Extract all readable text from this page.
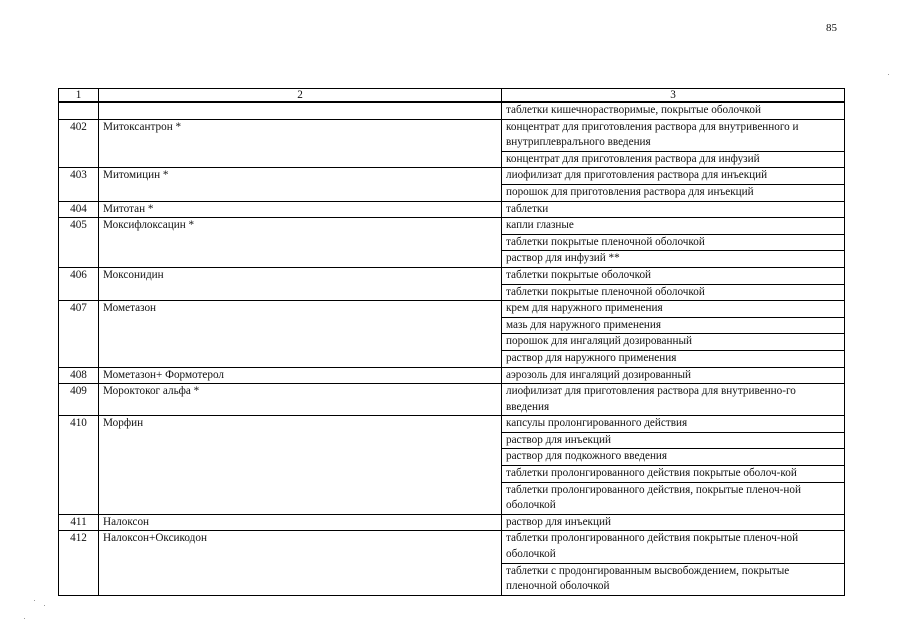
85
1	2	3
		таблетки кишечнорастворимые, покрытые оболочкой
402	Митоксантрон *	концентрат для приготовления раствора для внутривенного и внутриплевралъного введения
		концентрат для приготовления раствора для инфузий
403	Митомицин *	лиофилизат для приготовления раствора для инъекций
		порошок для приготовления раствора для инъекций
404	Митотан *	таблетки
405	Моксифлоксацин *	капли глазные
		таблетки покрытые пленочной оболочкой
		раствор для инфузий **
406	Моксонидин	таблетки покрытые оболочкой
		таблетки покрытые пленочной оболочкой
407	Мометазон	крем для наружного применения
		мазь для наружного применения
		порошок для ингаляций дозированный
		раствор для наружного применения
408	Мометазон+ Формотерол	аэрозоль для ингаляций дозированный
409	Мороктоког альфа *	лиофилизат для приготовления раствора для внутривенно-го введения
410	Морфин	капсулы пролонгированного действия
		раствор для инъекций
		раствор для подкожного введения
		таблетки пролонгированного действия покрытые оболоч-кой
		таблетки пролонгированного действия, покрытые пленоч-ной оболочкой
411	Налоксон	раствор для инъекций
412	Налоксон+Оксикодон	таблетки пролонгированного действия покрытые пленоч-ной оболочкой
		таблетки с продонгированным высвобождением, покрытые пленочной оболочкой
